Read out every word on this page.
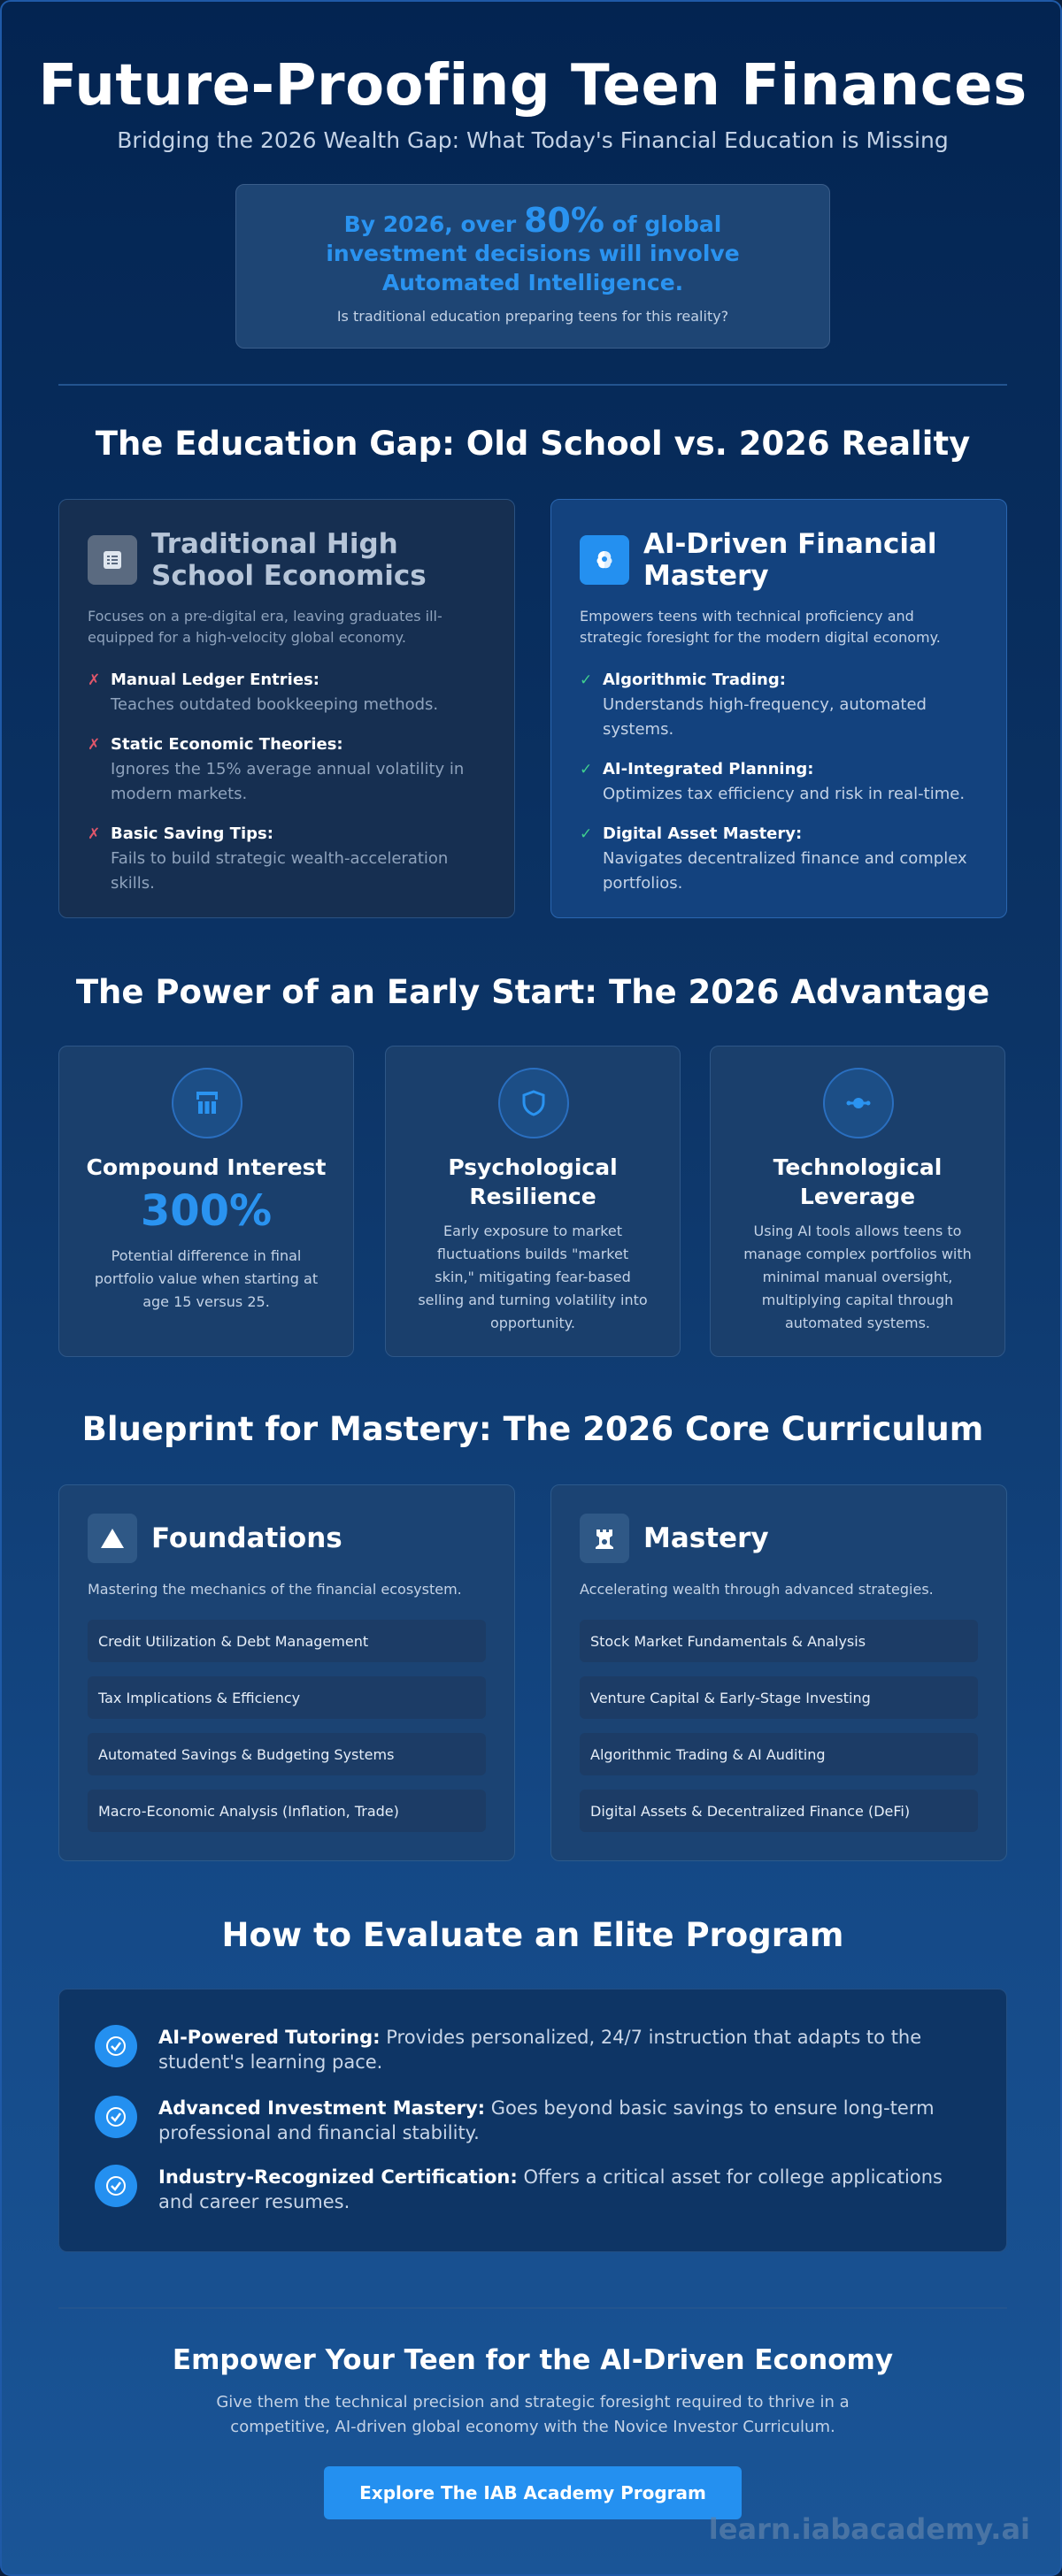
Future-Proofing Teen Finances
Bridging the 2026 Wealth Gap: What Today's Financial Education is Missing
By 2026, over 80% of global investment decisions will involve Automated Intelligence.
Is traditional education preparing teens for this reality?
The Education Gap: Old School vs. 2026 Reality
Traditional High School Economics
Focuses on a pre-digital era, leaving graduates ill-equipped for a high-velocity global economy.
✗ Manual Ledger Entries:
Teaches outdated bookkeeping methods.
✗ Static Economic Theories:
Ignores the 15% average annual volatility in modern markets.
✗ Basic Saving Tips:
Fails to build strategic wealth-acceleration skills.
AI-Driven Financial Mastery
Empowers teens with technical proficiency and strategic foresight for the modern digital economy.
✓ Algorithmic Trading:
Understands high-frequency, automated systems.
✓ AI-Integrated Planning:
Optimizes tax efficiency and risk in real-time.
✓ Digital Asset Mastery:
Navigates decentralized finance and complex portfolios.
The Power of an Early Start: The 2026 Advantage
Compound Interest
300%
Potential difference in final portfolio value when starting at age 15 versus 25.
Psychological Resilience
Early exposure to market fluctuations builds "market skin," mitigating fear-based selling and turning volatility into opportunity.
Technological Leverage
Using AI tools allows teens to manage complex portfolios with minimal manual oversight, multiplying capital through automated systems.
Blueprint for Mastery: The 2026 Core Curriculum
Foundations
Mastering the mechanics of the financial ecosystem.
Credit Utilization & Debt Management
Tax Implications & Efficiency
Automated Savings & Budgeting Systems
Macro-Economic Analysis (Inflation, Trade)
Mastery
Accelerating wealth through advanced strategies.
Stock Market Fundamentals & Analysis
Venture Capital & Early-Stage Investing
Algorithmic Trading & AI Auditing
Digital Assets & Decentralized Finance (DeFi)
How to Evaluate an Elite Program
AI-Powered Tutoring: Provides personalized, 24/7 instruction that adapts to the student's learning pace.
Advanced Investment Mastery: Goes beyond basic savings to ensure long-term professional and financial stability.
Industry-Recognized Certification: Offers a critical asset for college applications and career resumes.
Empower Your Teen for the AI-Driven Economy

Give them the technical precision and strategic foresight required to thrive in a competitive, AI-driven global economy with the Novice Investor Curriculum.

Explore The IAB Academy Program
learn.iabacademy.ai
